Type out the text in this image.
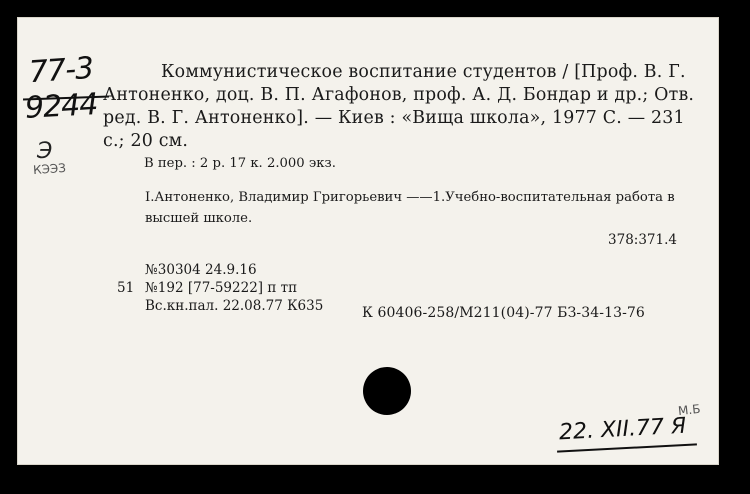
77-3
9244
Э
КЭЭЗ

Коммунистическое воспитание студентов / [Проф. В. Г. Антоненко, доц. В. П. Агафонов, проф. А. Д. Бондар и др.; Отв. ред. В. Г. Антоненко]. — Киев : «Вища школа», 1977 С. — 231 с.; 20 см.

В пер. : 2 р. 17 к. 2.000 экз.

I.Антоненко, Владимир Григорьевич ——1.Учебно-воспитательная работа в высшей школе.

378:371.4
№30304 24.9.16
51 №192 [77-59222] п тп
Вс.кн.пал. 22.08.77 К635	К 60406-258/М211(04)-77 БЗ-34-13-76
22. XII.77 Я
М.Б
